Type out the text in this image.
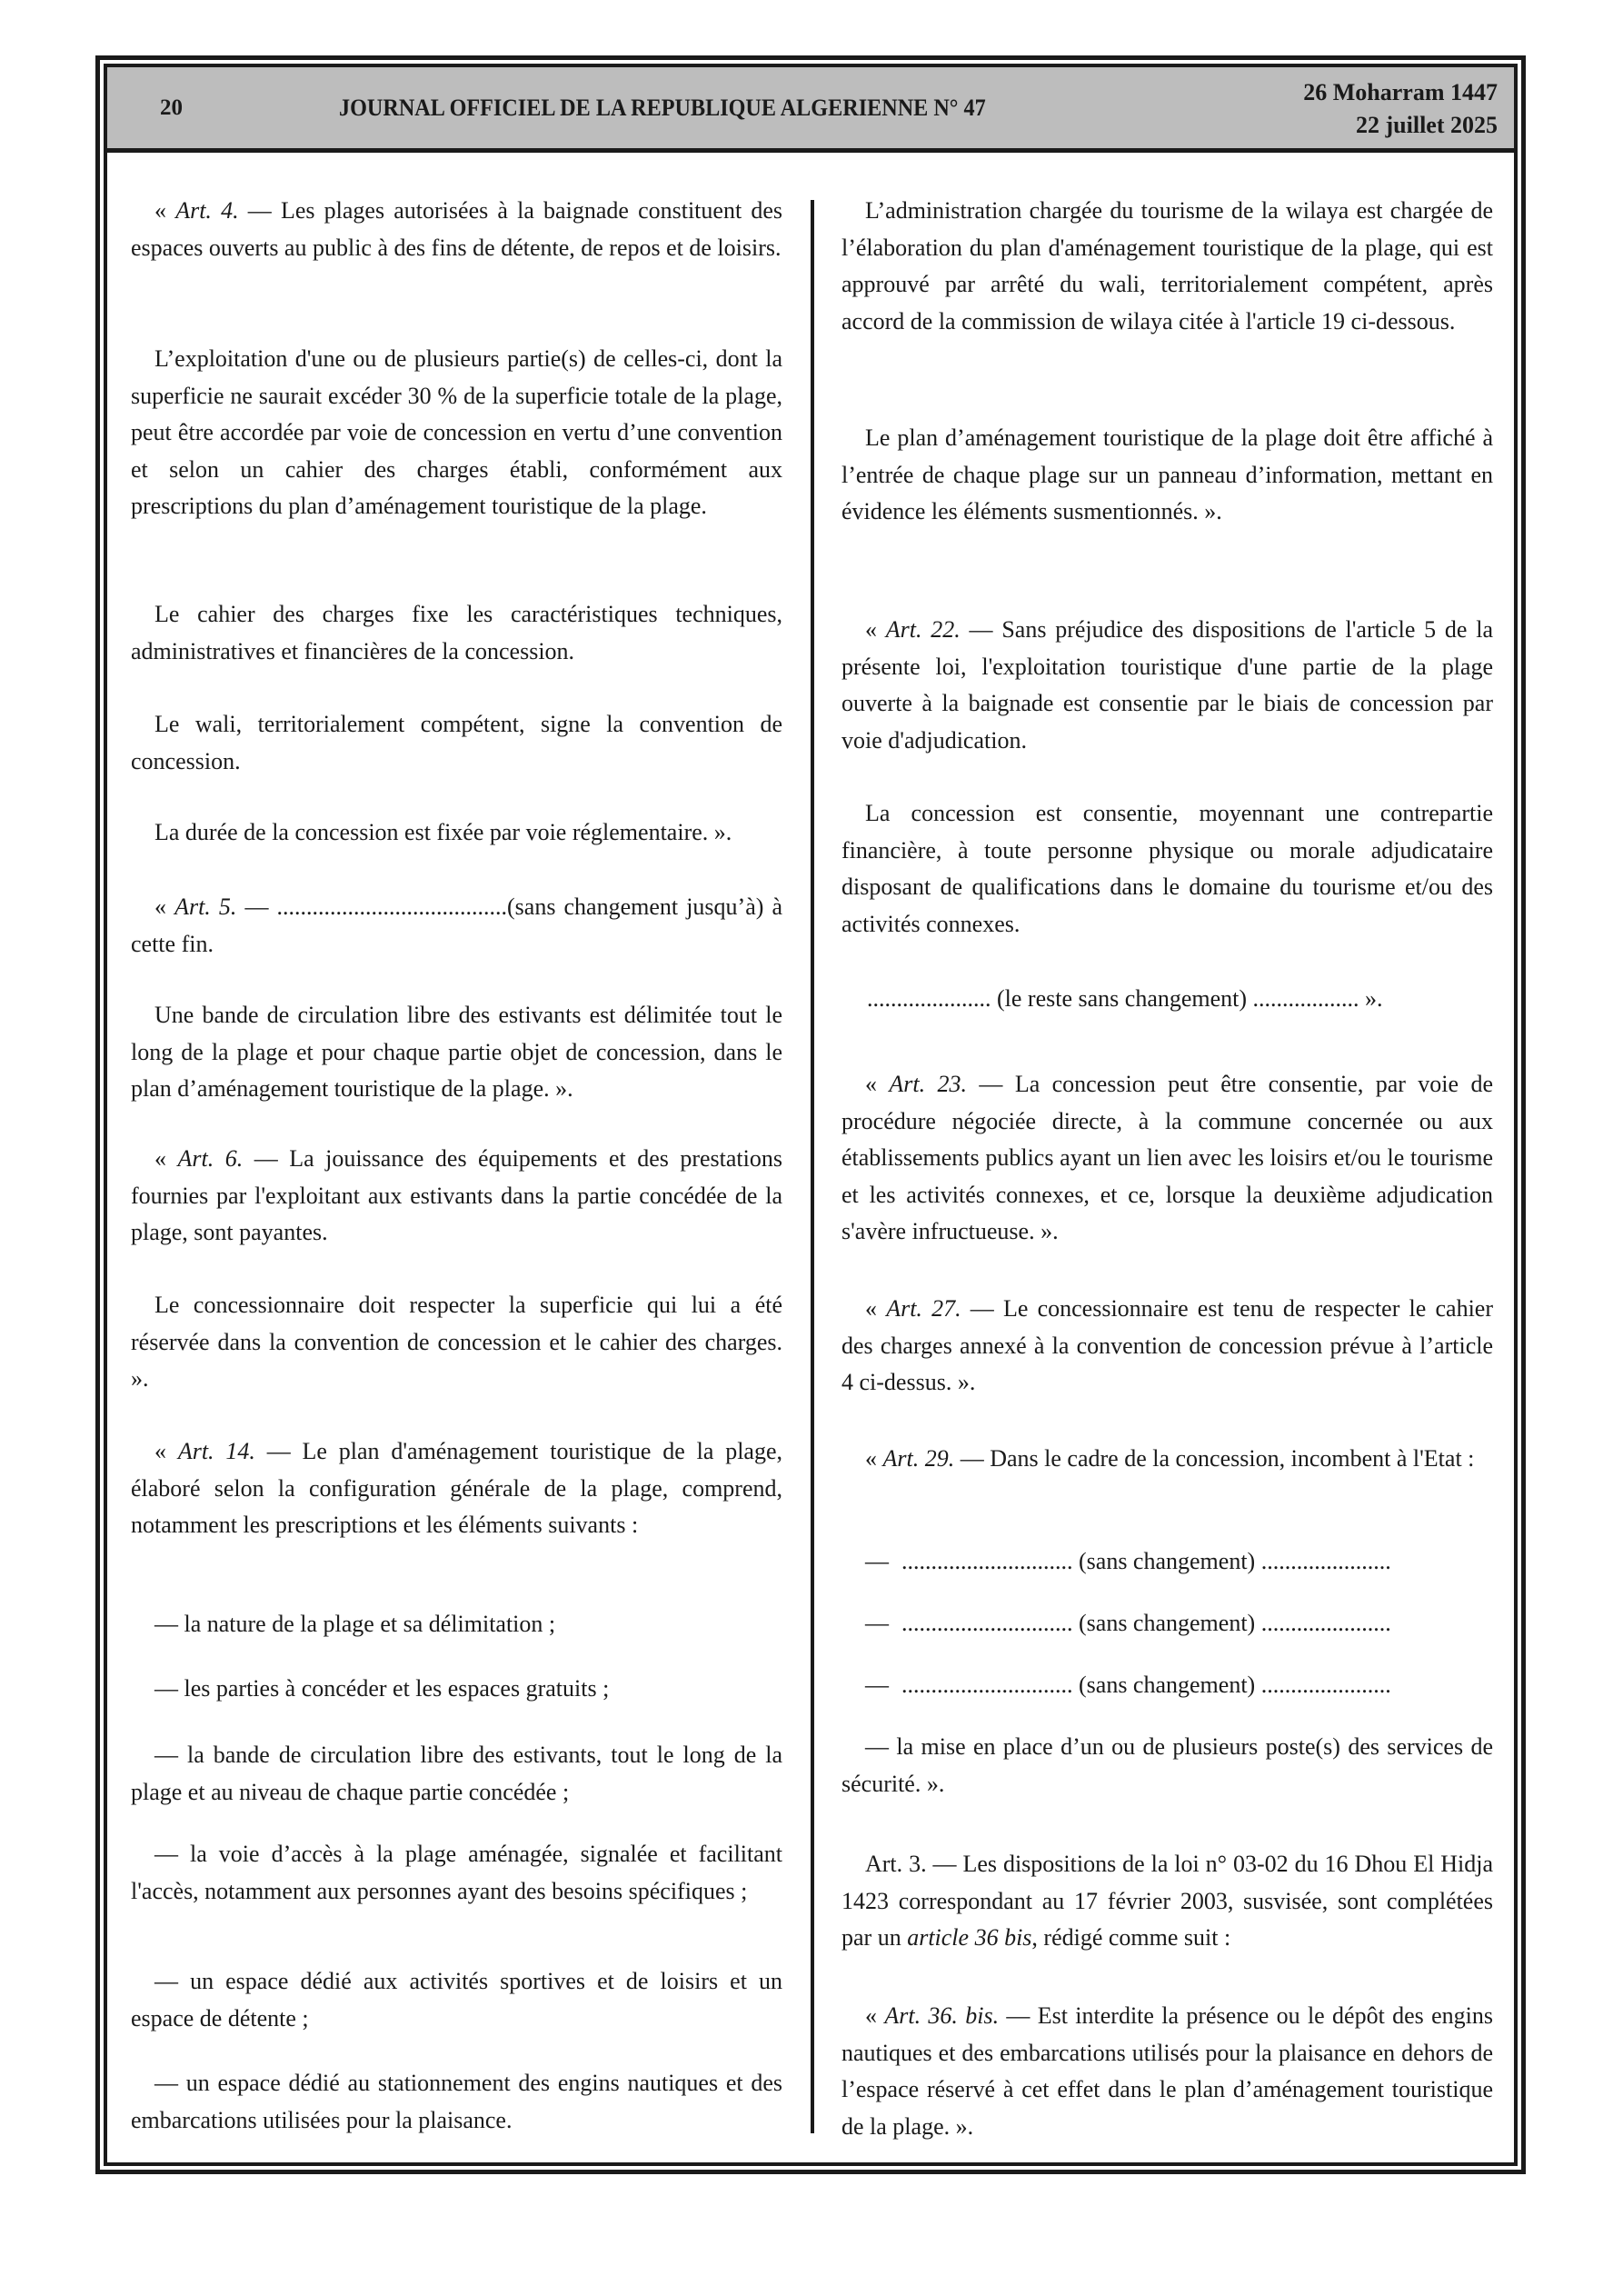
20	JOURNAL OFFICIEL DE LA REPUBLIQUE ALGERIENNE N° 47
26 Moharram 1447
22 juillet 2025

« Art. 4. — Les plages autorisées à la baignade constituent des espaces ouverts au public à des fins de détente, de repos et de loisirs.

L’exploitation d'une ou de plusieurs partie(s) de celles-ci, dont la superficie ne saurait excéder 30 % de la superficie totale de la plage, peut être accordée par voie de concession en vertu d’une convention et selon un cahier des charges établi, conformément aux prescriptions du plan d’aménagement touristique de la plage.

Le cahier des charges fixe les caractéristiques techniques, administratives et financières de la concession.

Le wali, territorialement compétent, signe la convention de concession.

La durée de la concession est fixée par voie réglementaire. ».

« Art. 5. — .......................................(sans changement jusqu’à) à cette fin.

Une bande de circulation libre des estivants est délimitée tout le long de la plage et pour chaque partie objet de concession, dans le plan d’aménagement touristique de la plage. ».

« Art. 6. — La jouissance des équipements et des prestations fournies par l'exploitant aux estivants dans la partie concédée de la plage, sont payantes.

Le concessionnaire doit respecter la superficie qui lui a été réservée dans la convention de concession et le cahier des charges. ».

« Art. 14. — Le plan d'aménagement touristique de la plage, élaboré selon la configuration générale de la plage, comprend, notamment les prescriptions et les éléments suivants :

— la nature de la plage et sa délimitation ;

— les parties à concéder et les espaces gratuits ;

— la bande de circulation libre des estivants, tout le long de la plage et au niveau de chaque partie concédée ;

— la voie d’accès à la plage aménagée, signalée et facilitant l'accès, notamment aux personnes ayant des besoins spécifiques ;

— un espace dédié aux activités sportives et de loisirs et un espace de détente ;

— un espace dédié au stationnement des engins nautiques et des embarcations utilisées pour la plaisance.

L’administration chargée du tourisme de la wilaya est chargée de l’élaboration du plan d'aménagement touristique de la plage, qui est approuvé par arrêté du wali, territorialement compétent, après accord de la commission de wilaya citée à l'article 19 ci-dessous.

Le plan d’aménagement touristique de la plage doit être affiché à l’entrée de chaque plage sur un panneau d’information, mettant en évidence les éléments susmentionnés. ».

« Art. 22. — Sans préjudice des dispositions de l'article 5 de la présente loi, l'exploitation touristique d'une partie de la plage ouverte à la baignade est consentie par le biais de concession par voie d'adjudication.

La concession est consentie, moyennant une contrepartie financière, à toute personne physique ou morale adjudicataire disposant de qualifications dans le domaine du tourisme et/ou des activités connexes.

..................... (le reste sans changement) .................. ».

« Art. 23. — La concession peut être consentie, par voie de procédure négociée directe, à la commune concernée ou aux établissements publics ayant un lien avec les loisirs et/ou le tourisme et les activités connexes, et ce, lorsque la deuxième adjudication s'avère infructueuse. ».

« Art. 27. — Le concessionnaire est tenu de respecter le cahier des charges annexé à la convention de concession prévue à l’article 4 ci-dessus. ».

« Art. 29. — Dans le cadre de la concession, incombent à l'Etat :

— ............................. (sans changement) ......................
— ............................. (sans changement) ......................
— ............................. (sans changement) ......................

— la mise en place d’un ou de plusieurs poste(s) des services de sécurité. ».

Art. 3. — Les dispositions de la loi n° 03-02 du 16 Dhou El Hidja 1423 correspondant au 17 février 2003, susvisée, sont complétées par un article 36 bis, rédigé comme suit :

« Art. 36. bis. — Est interdite la présence ou le dépôt des engins nautiques et des embarcations utilisés pour la plaisance en dehors de l’espace réservé à cet effet dans le plan d’aménagement touristique de la plage. ».
